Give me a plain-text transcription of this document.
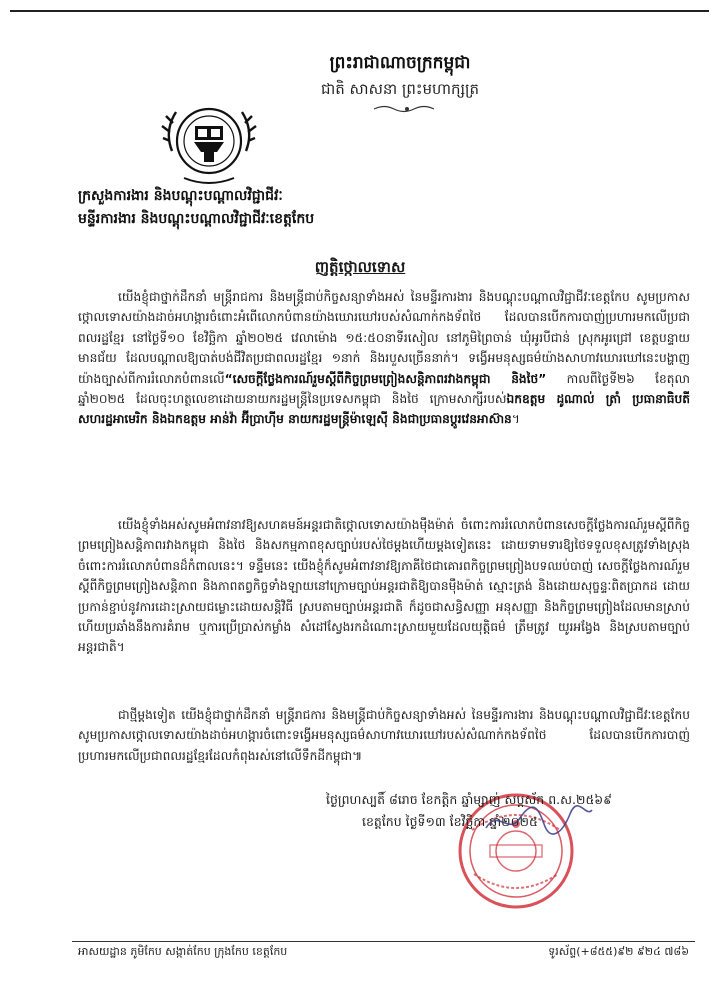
ព្រះរាជាណាចក្រកម្ពុជា
ជាតិ សាសនា ព្រះមហាក្សត្រ
ក្រសួងការងារ និងបណ្តុះបណ្តាលវិជ្ជាជីវៈ
មន្ទីរការងារ និងបណ្តុះបណ្តាលវិជ្ជាជីវៈខេត្តកែប
ញត្តិថ្កោលទោស
យើងខ្ញុំជាថ្នាក់ដឹកនាំ មន្ត្រីរាជការ និងមន្ត្រីជាប់កិច្ចសន្យាទាំងអស់ នៃមន្ទីរការងារ និងបណ្តុះបណ្តាលវិជ្ជាជីវៈខេត្តកែប សូមប្រកាសថ្កោលទោសយ៉ាងដាច់អហង្ការចំពោះអំពើលោកបំពានយ៉ាងឃោរឃៅរបស់សំណាក់កងទ័ពថៃ ដែលបានបើកការបាញ់ប្រហារមកលើប្រជាពលរដ្ឋខ្មែរ នៅថ្ងៃទី១០ ខែវិច្ឆិកា ឆ្នាំ២០២៥ វេលាម៉ោង ១៥:៥០នាទីរសៀល នៅភូមិព្រៃចាន់ ឃុំអូរបីជាន់ ស្រុកអូរជ្រៅ ខេត្តបន្ទាយមានជ័យ ដែលបណ្តាលឱ្យបាត់បង់ជីវិតប្រជាពលរដ្ឋខ្មែរ ១នាក់ និងរបួសច្រើននាក់។ ទង្វើអមនុស្សធម៌យ៉ាងសាហាវឃោរឃៅនេះបង្ហាញយ៉ាងច្បាស់ពីការរំលោភបំពានលើ“សេចក្តីថ្លែងការណ៍រួមស្តីពីកិច្ចព្រមព្រៀងសន្តិភាពរវាងកម្ពុជា និងថៃ” កាលពីថ្ងៃទី២៦ ខែតុលា ឆ្នាំ២០២៥ ដែលចុះហត្ថលេខាដោយនាយករដ្ឋមន្ត្រីនៃប្រទេសកម្ពុជា និងថៃ ក្រោមសាក្សីរបស់ឯកឧត្តម ដូណាល់ ត្រាំ ប្រធានាធិបតីសហរដ្ឋអាមេរិក និងឯកឧត្តម អាន់វ៉ា អ៊ីប្រាហ៊ីម នាយករដ្ឋមន្ត្រីម៉ាឡេស៊ី និងជាប្រធានប្តូរវេនអាស៊ាន។
យើងខ្ញុំទាំងអស់សូមអំពាវនាវឱ្យសហគមន៍អន្តរជាតិថ្កោលទោសយ៉ាងម៉ឺងម៉ាត់ ចំពោះការរំលោភបំពានសេចក្តីថ្លែងការណ៍រួមស្តីពីកិច្ចព្រមព្រៀងសន្តិភាពរវាងកម្ពុជា និងថៃ និងសកម្មភាពខុសច្បាប់របស់ថៃម្តងហើយម្តងទៀតនេះ ដោយទាមទារឱ្យថៃទទួលខុសត្រូវទាំងស្រុងចំពោះការរំលោភបំពានដ៏កំពាលនេះ។ ទន្ទឹមនេះ យើងខ្ញុំក៏សូមអំពាវនាវឱ្យភាគីថៃជាគោរពកិច្ចព្រមព្រៀងបទឈប់បាញ់ សេចក្តីថ្លែងការណ៍រួមស្តីពីកិច្ចព្រមព្រៀងសន្តិភាព និងភាពតព្វកិច្ចទាំងឡាយនៅក្រោមច្បាប់អន្តរជាតិឱ្យបានម៉ឺងម៉ាត់ ស្មោះត្រង់ និងដោយសុច្ចន្ទៈពិតប្រាកដ ដោយប្រកាន់ខ្ជាប់នូវការដោះស្រាយជម្លោះដោយសន្តិវិធី ស្របតាមច្បាប់អន្តរជាតិ ក៏ដូចជាសន្ធិសញ្ញា អនុសញ្ញា និងកិច្ចព្រមព្រៀងដែលមានស្រាប់ ហើយប្រឆាំងនឹងការគំរាម ឬការប្រើប្រាស់កម្លាំង សំដៅស្វែងរកដំណោះស្រាយមួយដែលយុត្តិធម៌ ត្រឹមត្រូវ យូរអង្វែង និងស្របតាមច្បាប់អន្តរជាតិ។
ជាថ្មីម្តងទៀត យើងខ្ញុំជាថ្នាក់ដឹកនាំ មន្ត្រីរាជការ និងមន្ត្រីជាប់កិច្ចសន្យាទាំងអស់ នៃមន្ទីរការងារ និងបណ្តុះបណ្តាលវិជ្ជាជីវៈខេត្តកែប សូមប្រកាសថ្កោលទោសយ៉ាងដាច់អហង្ការចំពោះទង្វើអមនុស្សធម៌សាហាវឃោរឃៅរបស់សំណាក់កងទ័ពថៃ ដែលបានបើកការបាញ់ប្រហារមកលើប្រជាពលរដ្ឋខ្មែរដែលកំពុងរស់នៅលើទឹកដីកម្ពុជា៕
ថ្ងៃព្រហស្បតិ៍ ៨រោច ខែកត្តិក ឆ្នាំម្សាញ់ សប្តស័ក ព.ស.២៥៦៩
ខេត្តកែប ថ្ងៃទី១៣ ខែវិច្ឆិកា ឆ្នាំ២០២៥
អាសយដ្ឋាន ភូមិកែប សង្កាត់កែប ក្រុងកែប ខេត្តកែប	ទូរស័ព្ទ(+៨៥៥)៩២ ៩២៤ ៧៨៦
